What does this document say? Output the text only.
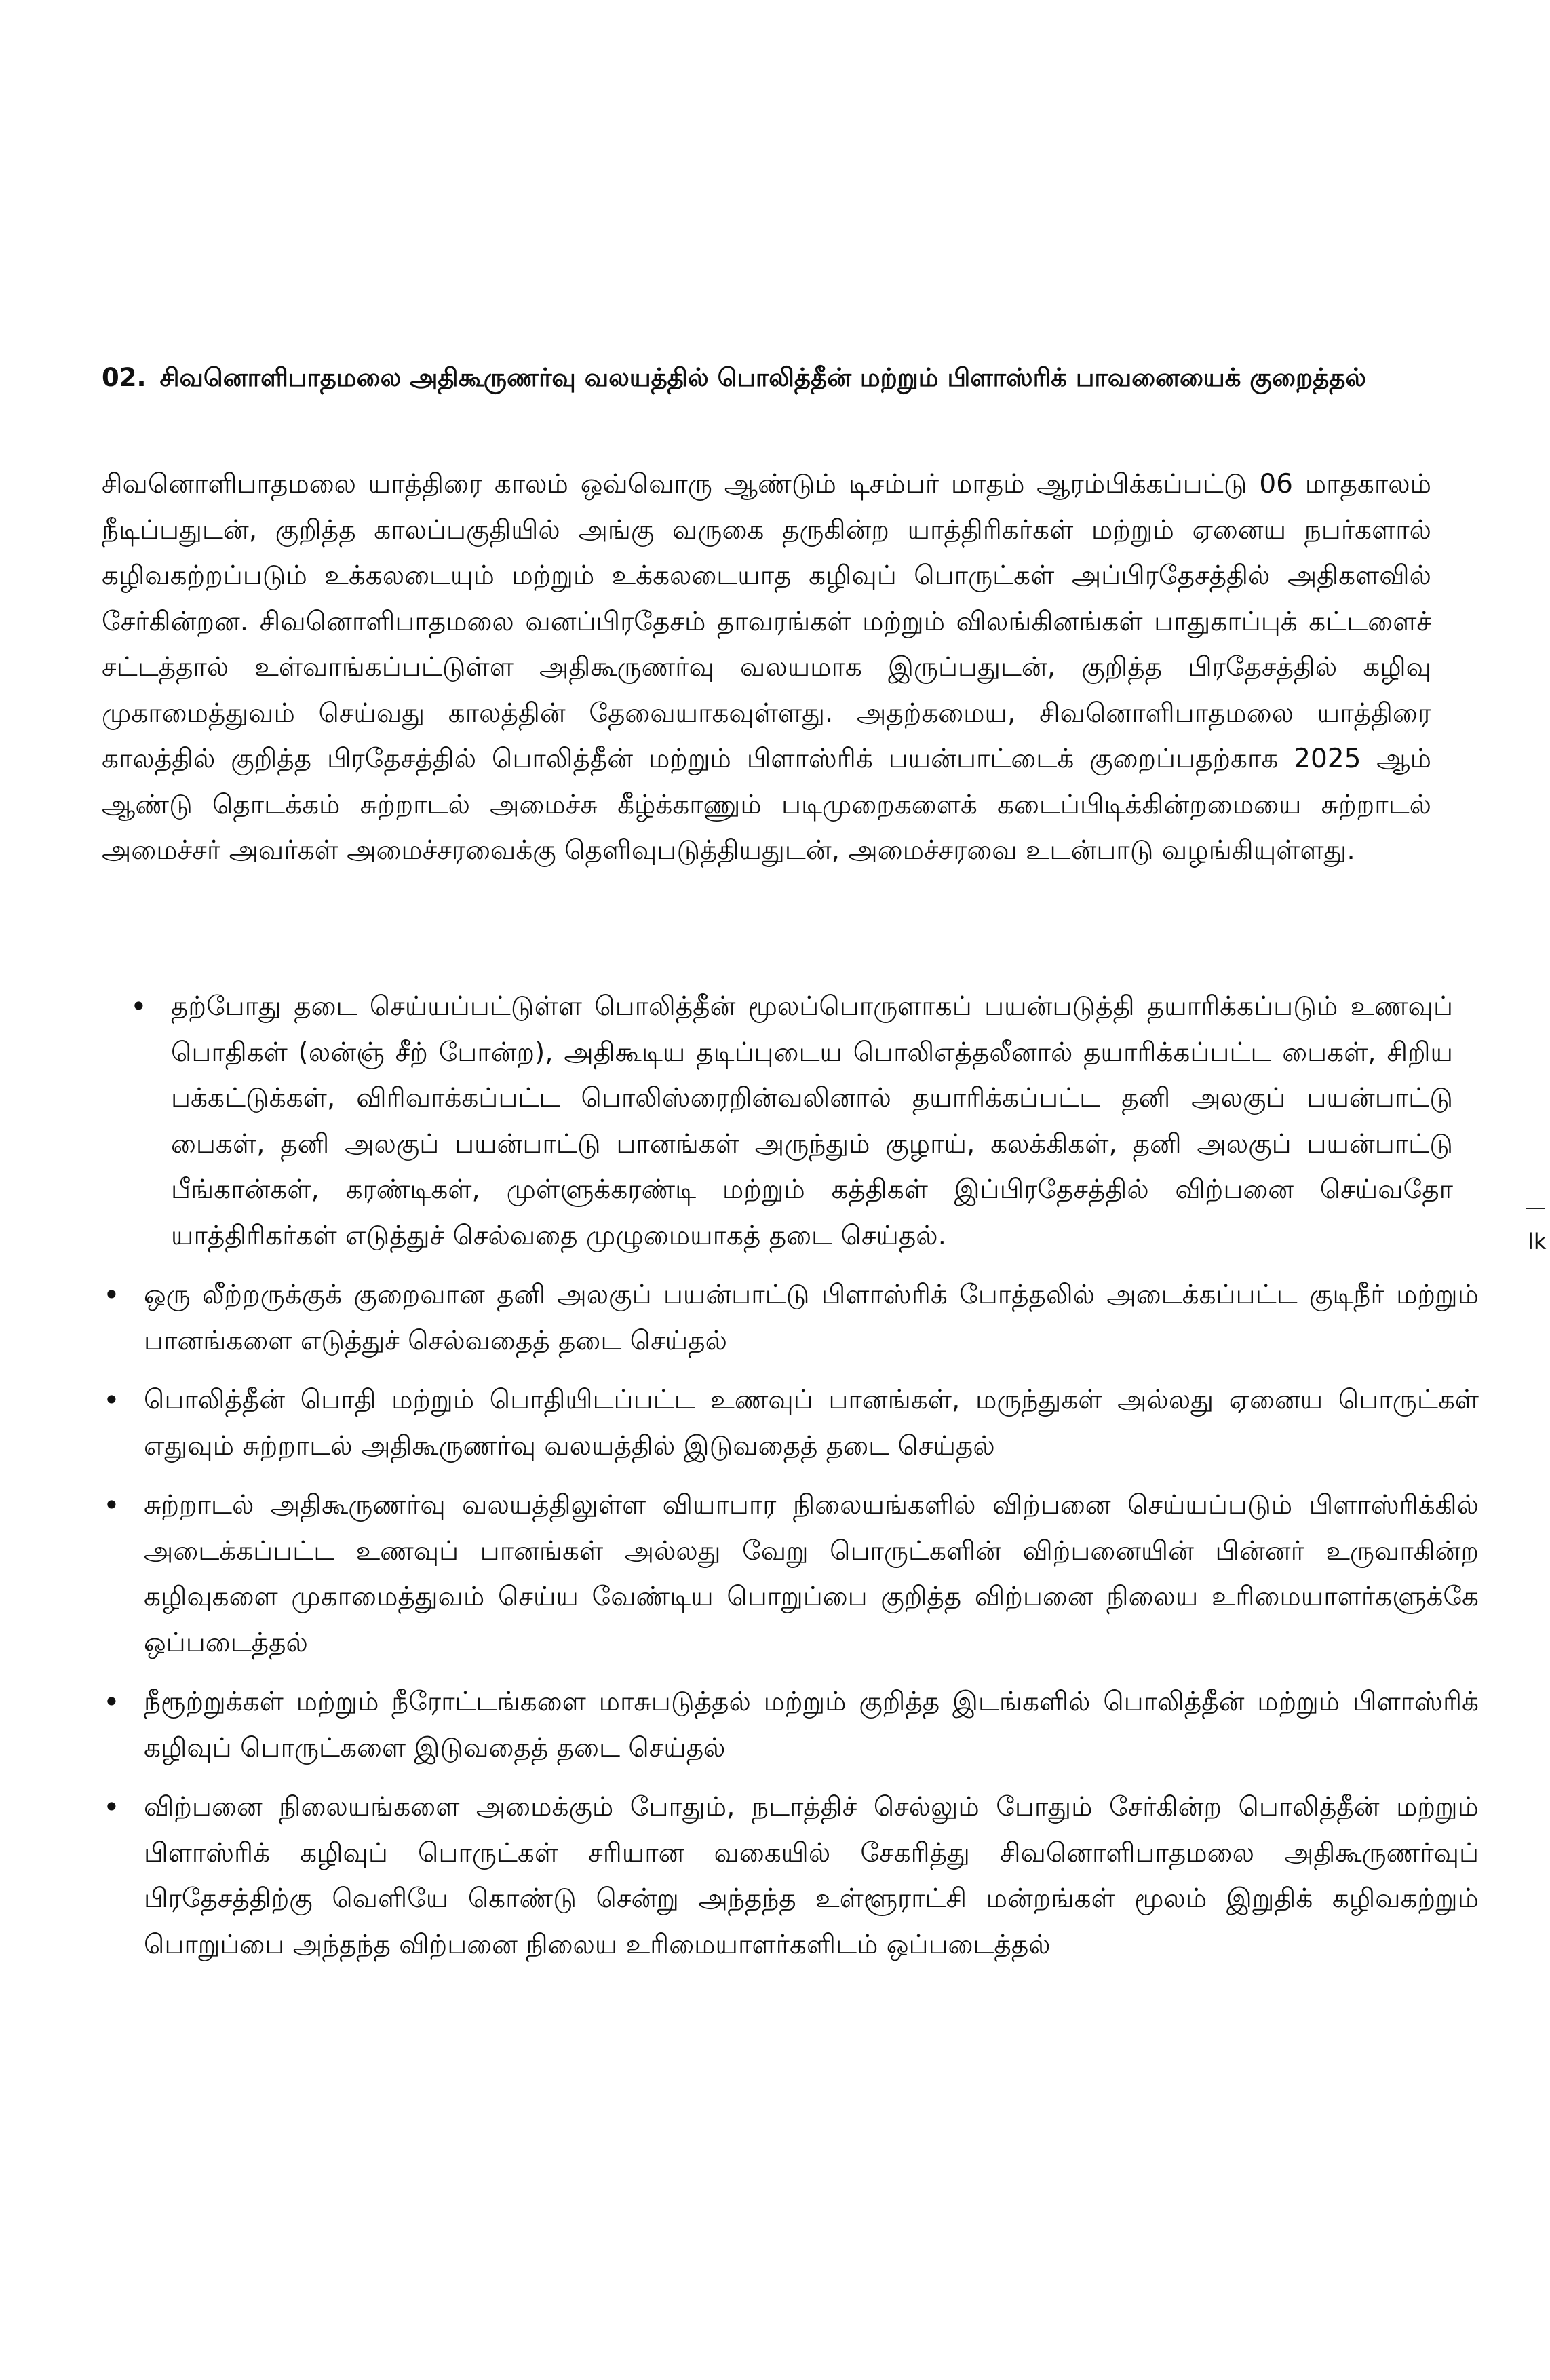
02. சிவனொளிபாதமலை அதிகூருணர்வு வலயத்தில் பொலித்தீன் மற்றும் பிளாஸ்ரிக் பாவனையைக் குறைத்தல்

சிவனொளிபாதமலை யாத்திரை காலம் ஒவ்வொரு ஆண்டும் டிசம்பர் மாதம் ஆரம்பிக்கப்பட்டு 06 மாதகாலம் நீடிப்பதுடன், குறித்த காலப்பகுதியில் அங்கு வருகை தருகின்ற யாத்திரிகர்கள் மற்றும் ஏனைய நபர்களால் கழிவகற்றப்படும் உக்கலடையும் மற்றும் உக்கலடையாத கழிவுப் பொருட்கள் அப்பிரதேசத்தில் அதிகளவில் சேர்கின்றன. சிவனொளிபாதமலை வனப்பிரதேசம் தாவரங்கள் மற்றும் விலங்கினங்கள் பாதுகாப்புக் கட்டளைச் சட்டத்தால் உள்வாங்கப்பட்டுள்ள அதிகூருணர்வு வலயமாக இருப்பதுடன், குறித்த பிரதேசத்தில் கழிவு முகாமைத்துவம் செய்வது காலத்தின் தேவையாகவுள்ளது. அதற்கமைய, சிவனொளிபாதமலை யாத்திரை காலத்தில் குறித்த பிரதேசத்தில் பொலித்தீன் மற்றும் பிளாஸ்ரிக் பயன்பாட்டைக் குறைப்பதற்காக 2025 ஆம் ஆண்டு தொடக்கம் சுற்றாடல் அமைச்சு கீழ்க்காணும் படிமுறைகளைக் கடைப்பிடிக்கின்றமையை சுற்றாடல் அமைச்சர் அவர்கள் அமைச்சரவைக்கு தெளிவுபடுத்தியதுடன், அமைச்சரவை உடன்பாடு வழங்கியுள்ளது.

• தற்போது தடை செய்யப்பட்டுள்ள பொலித்தீன் மூலப்பொருளாகப் பயன்படுத்தி தயாரிக்கப்படும் உணவுப் பொதிகள் (லன்ஞ் சீற் போன்ற), அதிகூடிய தடிப்புடைய பொலிஎத்தலீனால் தயாரிக்கப்பட்ட பைகள், சிறிய பக்கட்டுக்கள், விரிவாக்கப்பட்ட பொலிஸ்ரைறின்வலினால் தயாரிக்கப்பட்ட தனி அலகுப் பயன்பாட்டு பைகள், தனி அலகுப் பயன்பாட்டு பானங்கள் அருந்தும் குழாய், கலக்கிகள், தனி அலகுப் பயன்பாட்டு பீங்கான்கள், கரண்டிகள், முள்ளுக்கரண்டி மற்றும் கத்திகள் இப்பிரதேசத்தில் விற்பனை செய்வதோ யாத்திரிகர்கள் எடுத்துச் செல்வதை முழுமையாகத் தடை செய்தல்.
• ஒரு லீற்றருக்குக் குறைவான தனி அலகுப் பயன்பாட்டு பிளாஸ்ரிக் போத்தலில் அடைக்கப்பட்ட குடிநீர் மற்றும் பானங்களை எடுத்துச் செல்வதைத் தடை செய்தல்
• பொலித்தீன் பொதி மற்றும் பொதியிடப்பட்ட உணவுப் பானங்கள், மருந்துகள் அல்லது ஏனைய பொருட்கள் எதுவும் சுற்றாடல் அதிகூருணர்வு வலயத்தில் இடுவதைத் தடை செய்தல்
• சுற்றாடல் அதிகூருணர்வு வலயத்திலுள்ள வியாபார நிலையங்களில் விற்பனை செய்யப்படும் பிளாஸ்ரிக்கில் அடைக்கப்பட்ட உணவுப் பானங்கள் அல்லது வேறு பொருட்களின் விற்பனையின் பின்னர் உருவாகின்ற கழிவுகளை முகாமைத்துவம் செய்ய வேண்டிய பொறுப்பை குறித்த விற்பனை நிலைய உரிமையாளர்களுக்கே ஒப்படைத்தல்
• நீரூற்றுக்கள் மற்றும் நீரோட்டங்களை மாசுபடுத்தல் மற்றும் குறித்த இடங்களில் பொலித்தீன் மற்றும் பிளாஸ்ரிக் கழிவுப் பொருட்களை இடுவதைத் தடை செய்தல்
• விற்பனை நிலையங்களை அமைக்கும் போதும், நடாத்திச் செல்லும் போதும் சேர்கின்ற பொலித்தீன் மற்றும் பிளாஸ்ரிக் கழிவுப் பொருட்கள் சரியான வகையில் சேகரித்து சிவனொளிபாதமலை அதிகூருணர்வுப் பிரதேசத்திற்கு வெளியே கொண்டு சென்று அந்தந்த உள்ளூராட்சி மன்றங்கள் மூலம் இறுதிக் கழிவகற்றும் பொறுப்பை அந்தந்த விற்பனை நிலைய உரிமையாளர்களிடம் ஒப்படைத்தல்
lk
